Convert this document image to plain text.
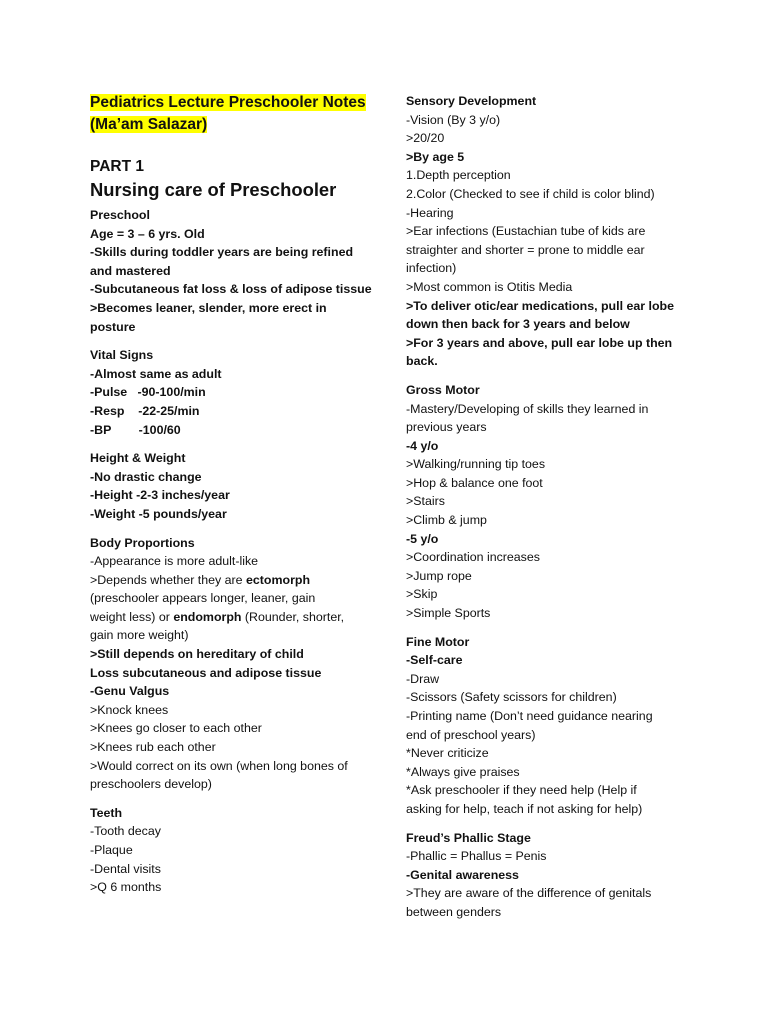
Pediatrics Lecture Preschooler Notes
(Ma’am Salazar)
PART 1
Nursing care of Preschooler
Preschool
Age = 3 – 6 yrs. Old
-Skills during toddler years are being refined
and mastered
-Subcutaneous fat loss & loss of adipose tissue
>Becomes leaner, slender, more erect in
posture
Vital Signs
-Almost same as adult
-Pulse   -90-100/min
-Resp    -22-25/min
-BP        -100/60
Height & Weight
-No drastic change
-Height -2-3 inches/year
-Weight -5 pounds/year
Body Proportions
-Appearance is more adult-like
>Depends whether they are ectomorph
(preschooler appears longer, leaner, gain
weight less) or endomorph (Rounder, shorter,
gain more weight)
>Still depends on hereditary of child
Loss subcutaneous and adipose tissue
-Genu Valgus
>Knock knees
>Knees go closer to each other
>Knees rub each other
>Would correct on its own (when long bones of
preschoolers develop)
Teeth
-Tooth decay
-Plaque
-Dental visits
>Q 6 months
Sensory Development
-Vision (By 3 y/o)
>20/20
>By age 5
1.Depth perception
2.Color (Checked to see if child is color blind)
-Hearing
>Ear infections (Eustachian tube of kids are
straighter and shorter = prone to middle ear
infection)
>Most common is Otitis Media
>To deliver otic/ear medications, pull ear lobe
down then back for 3 years and below
>For 3 years and above, pull ear lobe up then
back.
Gross Motor
-Mastery/Developing of skills they learned in
previous years
-4 y/o
>Walking/running tip toes
>Hop & balance one foot
>Stairs
>Climb & jump
-5 y/o
>Coordination increases
>Jump rope
>Skip
>Simple Sports
Fine Motor
-Self-care
-Draw
-Scissors (Safety scissors for children)
-Printing name (Don’t need guidance nearing
end of preschool years)
*Never criticize
*Always give praises
*Ask preschooler if they need help (Help if
asking for help, teach if not asking for help)
Freud’s Phallic Stage
-Phallic = Phallus = Penis
-Genital awareness
>They are aware of the difference of genitals
between genders
